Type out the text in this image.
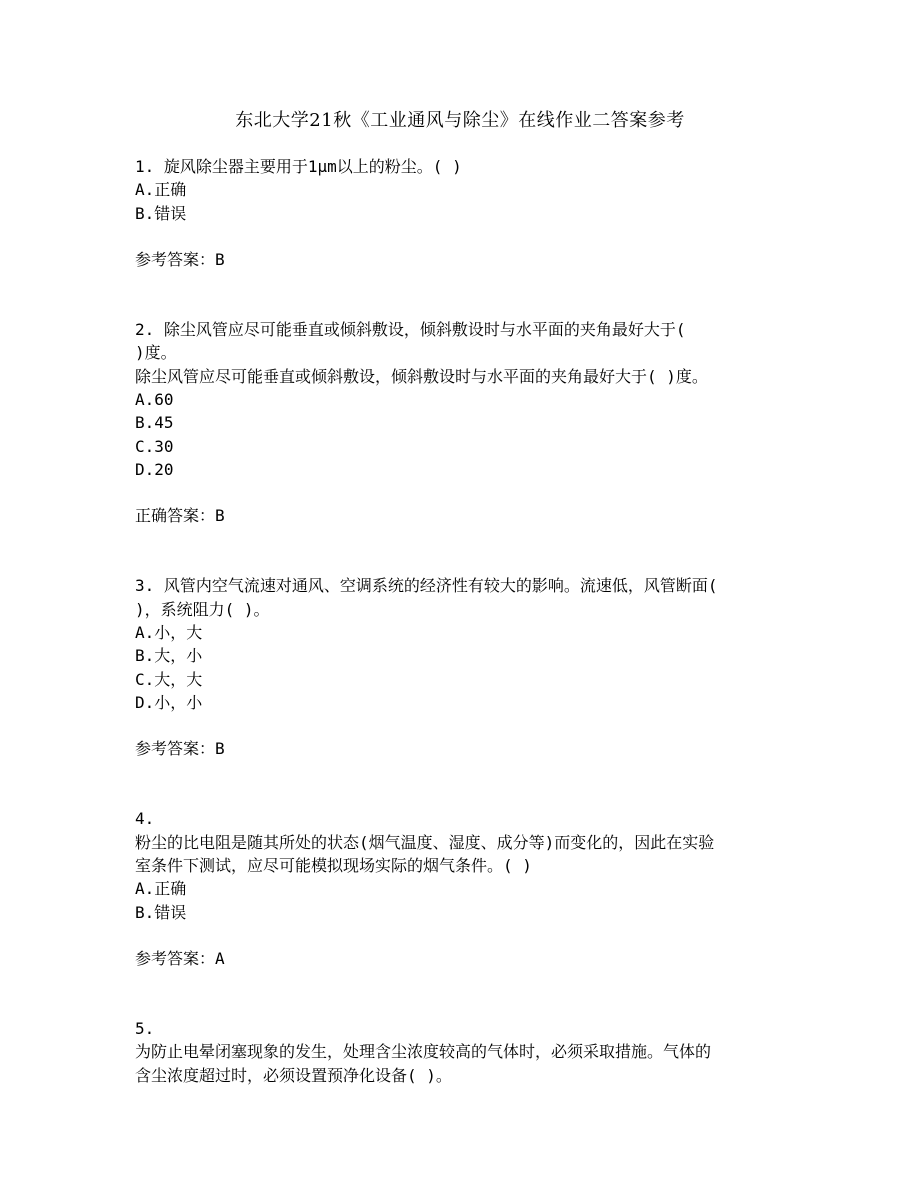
东北大学21秋《工业通风与除尘》在线作业二答案参考
1. 旋风除尘器主要用于1μm以上的粉尘。( )
A.正确
B.错误
参考答案：B
2. 除尘风管应尽可能垂直或倾斜敷设，倾斜敷设时与水平面的夹角最好大于(
)度。
除尘风管应尽可能垂直或倾斜敷设，倾斜敷设时与水平面的夹角最好大于( )度。
A.60
B.45
C.30
D.20
正确答案：B
3. 风管内空气流速对通风、空调系统的经济性有较大的影响。流速低，风管断面(
)，系统阻力( )。
A.小，大
B.大，小
C.大，大
D.小，小
参考答案：B
4.
粉尘的比电阻是随其所处的状态(烟气温度、湿度、成分等)而变化的，因此在实验
室条件下测试，应尽可能模拟现场实际的烟气条件。( )
A.正确
B.错误
参考答案：A
5.
为防止电晕闭塞现象的发生，处理含尘浓度较高的气体时，必须采取措施。气体的
含尘浓度超过时，必须设置预净化设备( )。
